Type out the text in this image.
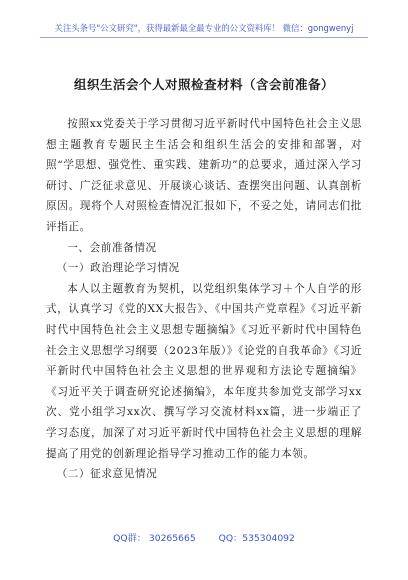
关注头条号"公文研究"，获得最新最全最专业的公文资料库！ 微信：gongwenyj
组织生活会个人对照检查材料（含会前准备）

按照xx党委关于学习贯彻习近平新时代中国特色社会主义思想主题教育专题民主生活会和组织生活会的安排和部署，对照“学思想、强党性、重实践、建新功”的总要求，通过深入学习研讨、广泛征求意见、开展谈心谈话、查摆突出问题、认真剖析原因。现将个人对照检查情况汇报如下，不妥之处，请同志们批评指正。

一、会前准备情况

（一）政治理论学习情况

本人以主题教育为契机，以党组织集体学习＋个人自学的形式，认真学习《党的XX大报告》、《中国共产党章程》《习近平新时代中国特色社会主义思想专题摘编》《习近平新时代中国特色社会主义思想学习纲要（2023年版）》《论党的自我革命》《习近平新时代中国特色社会主义思想的世界观和方法论专题摘编》《习近平关于调查研究论述摘编》，本年度共参加党支部学习xx次、党小组学习xx次、撰写学习交流材料xx篇，进一步端正了学习态度，加深了对习近平新时代中国特色社会主义思想的理解提高了用党的创新理论指导学习推动工作的能力本领。

（二）征求意见情况

QQ群： 30265665 QQ：535304092
